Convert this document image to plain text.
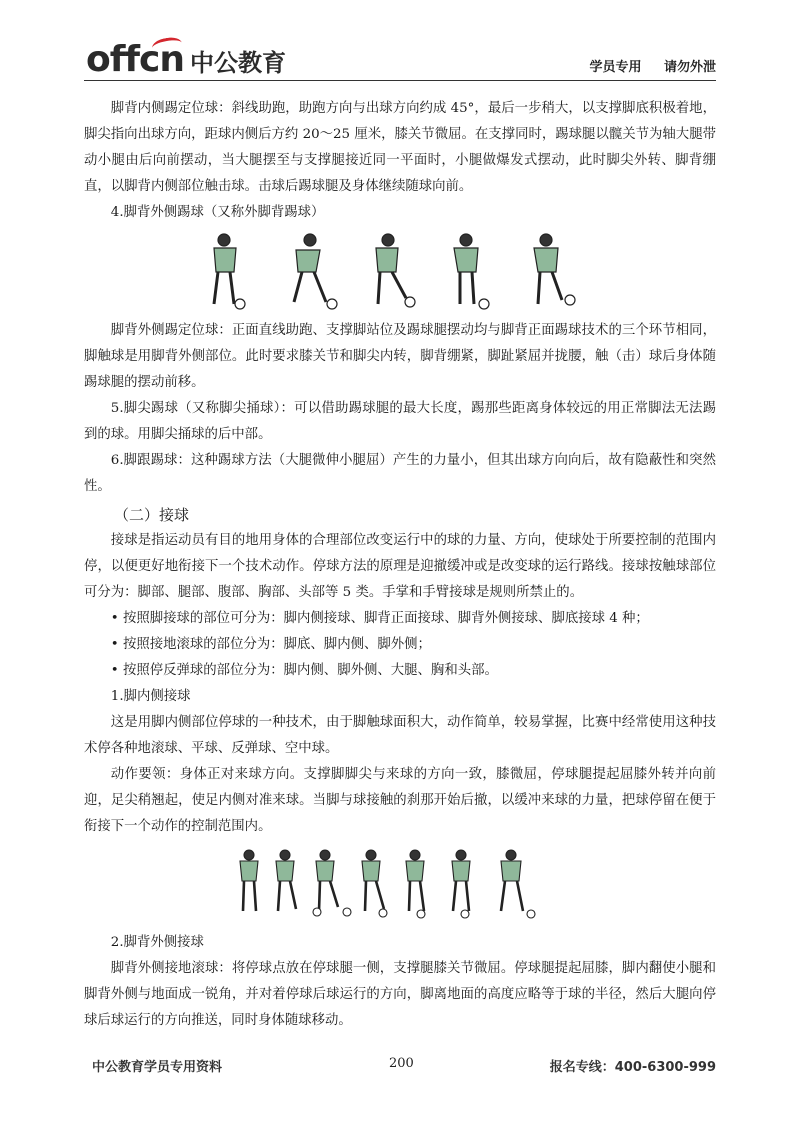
offcn 中公教育	学员专用 请勿外泄

脚背内侧踢定位球：斜线助跑，助跑方向与出球方向约成 45°，最后一步稍大，以支撑脚底积极着地，脚尖指向出球方向，距球内侧后方约 20～25 厘米，膝关节微屈。在支撑同时，踢球腿以髋关节为轴大腿带动小腿由后向前摆动，当大腿摆至与支撑腿接近同一平面时，小腿做爆发式摆动，此时脚尖外转、脚背绷直，以脚背内侧部位触击球。击球后踢球腿及身体继续随球向前。

4.脚背外侧踢球（又称外脚背踢球）

脚背外侧踢定位球：正面直线助跑、支撑脚站位及踢球腿摆动均与脚背正面踢球技术的三个环节相同，脚触球是用脚背外侧部位。此时要求膝关节和脚尖内转，脚背绷紧，脚趾紧屈并拢腰，触（击）球后身体随踢球腿的摆动前移。

5.脚尖踢球（又称脚尖捅球）：可以借助踢球腿的最大长度，踢那些距离身体较远的用正常脚法无法踢到的球。用脚尖捅球的后中部。

6.脚跟踢球：这种踢球方法（大腿微伸小腿屈）产生的力量小，但其出球方向向后，故有隐蔽性和突然性。

（二）接球

接球是指运动员有目的地用身体的合理部位改变运行中的球的力量、方向，使球处于所要控制的范围内停，以便更好地衔接下一个技术动作。停球方法的原理是迎撤缓冲或是改变球的运行路线。接球按触球部位可分为：脚部、腿部、腹部、胸部、头部等 5 类。手掌和手臂接球是规则所禁止的。

• 按照脚接球的部位可分为：脚内侧接球、脚背正面接球、脚背外侧接球、脚底接球 4 种；

• 按照接地滚球的部位分为：脚底、脚内侧、脚外侧；

• 按照停反弹球的部位分为：脚内侧、脚外侧、大腿、胸和头部。

1.脚内侧接球

这是用脚内侧部位停球的一种技术，由于脚触球面积大，动作简单，较易掌握，比赛中经常使用这种技术停各种地滚球、平球、反弹球、空中球。

动作要领：身体正对来球方向。支撑脚脚尖与来球的方向一致，膝微屈，停球腿提起屈膝外转并向前迎，足尖稍翘起，使足内侧对准来球。当脚与球接触的刹那开始后撤，以缓冲来球的力量，把球停留在便于衔接下一个动作的控制范围内。

2.脚背外侧接球

脚背外侧接地滚球：将停球点放在停球腿一侧，支撑腿膝关节微屈。停球腿提起屈膝，脚内翻使小腿和脚背外侧与地面成一锐角，并对着停球后球运行的方向，脚离地面的高度应略等于球的半径，然后大腿向停球后球运行的方向推送，同时身体随球移动。

中公教育学员专用资料	200	报名专线：400-6300-999
